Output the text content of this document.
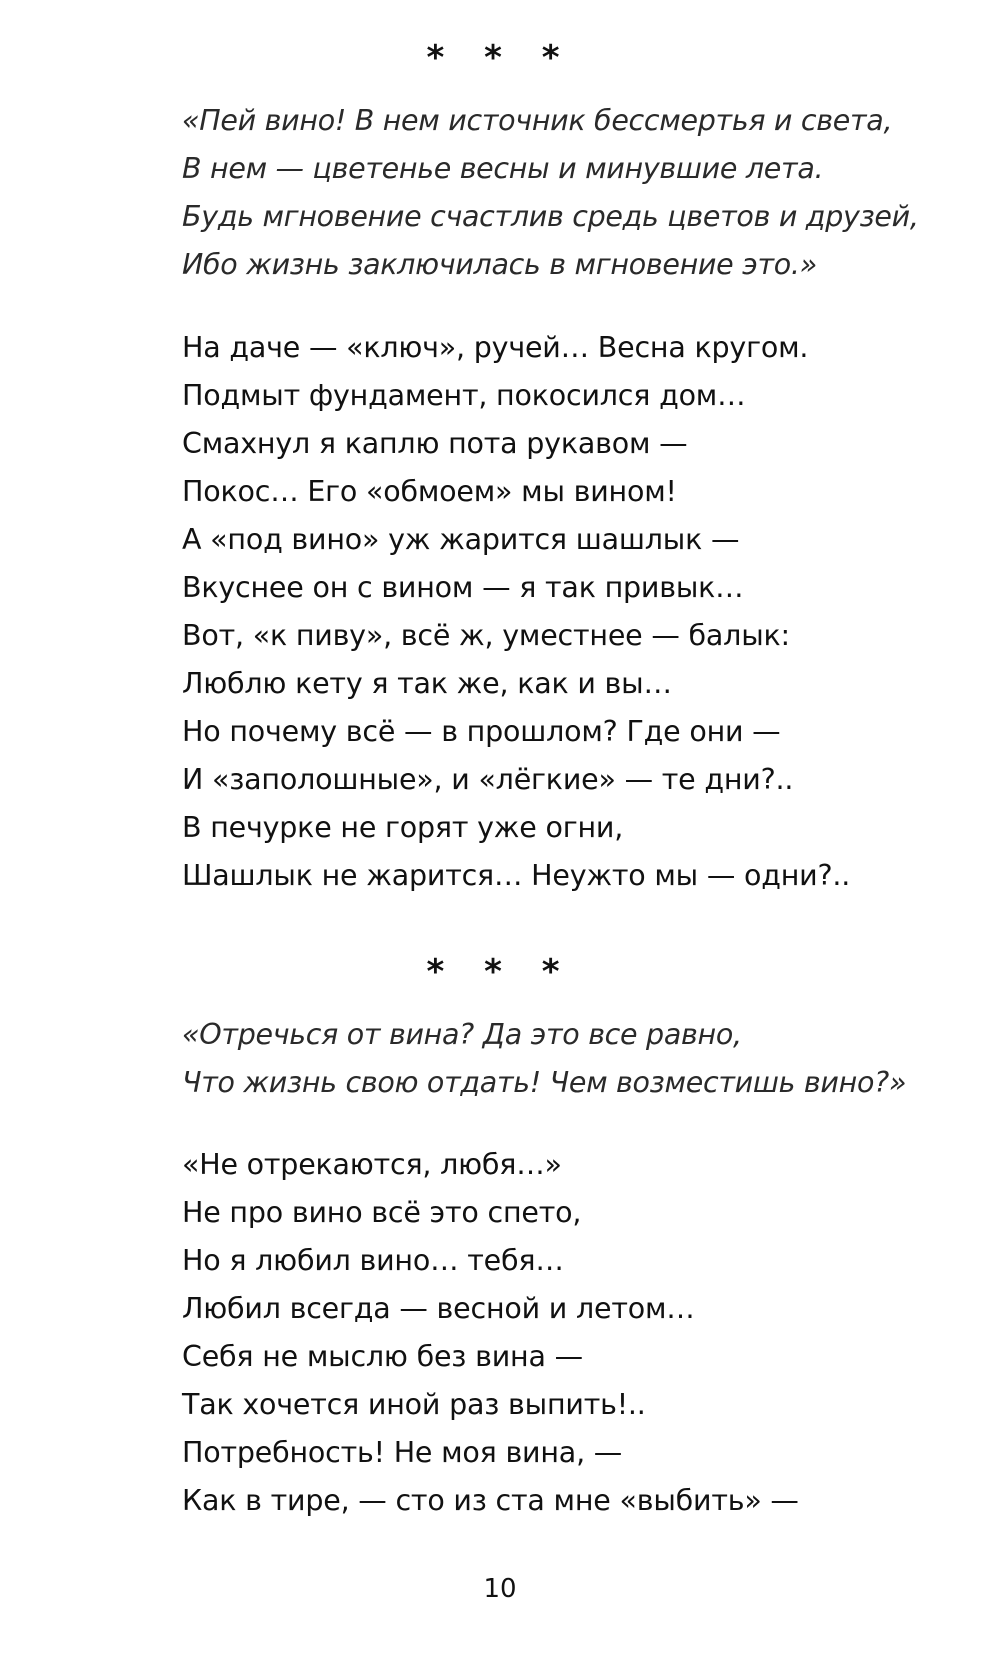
* * *
«Пей вино! В нем источник бессмертья и света,
В нем — цветенье весны и минувшие лета.
Будь мгновение счастлив средь цветов и друзей,
Ибо жизнь заключилась в мгновение это.»
На даче — «ключ», ручей… Весна кругом.
Подмыт фундамент, покосился дом…
Смахнул я каплю пота рукавом —
Покос… Его «обмоем» мы вином!
А «под вино» уж жарится шашлык —
Вкуснее он с вином — я так привык…
Вот, «к пиву», всё ж, уместнее — балык:
Люблю кету я так же, как и вы…
Но почему всё — в прошлом? Где они —
И «заполошные», и «лёгкие» — те дни?..
В печурке не горят уже огни,
Шашлык не жарится… Неужто мы — одни?..
* * *
«Отречься от вина? Да это все равно,
Что жизнь свою отдать! Чем возместишь вино?»
«Не отрекаются, любя…»
Не про вино всё это спето,
Но я любил вино… тебя…
Любил всегда — весной и летом…
Себя не мыслю без вина —
Так хочется иной раз выпить!..
Потребность! Не моя вина, —
Как в тире, — сто из ста мне «выбить» —
10
